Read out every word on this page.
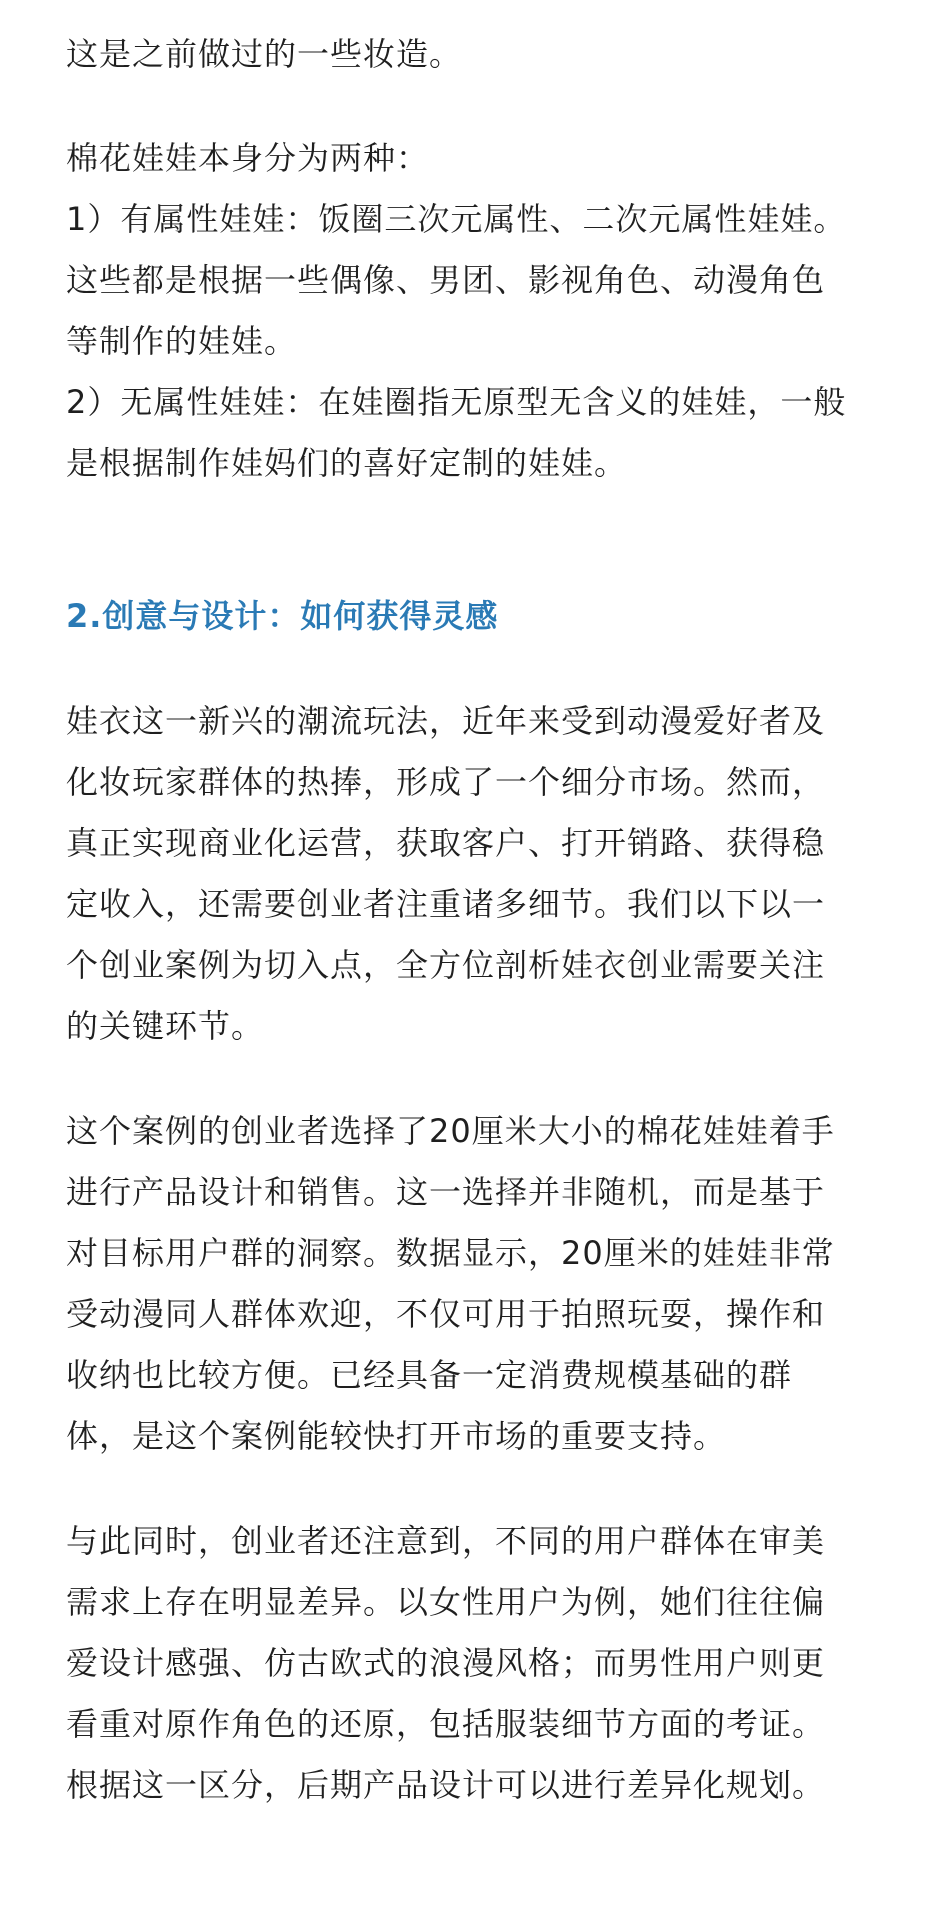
这是之前做过的一些妆造。

棉花娃娃本身分为两种：
1）有属性娃娃：饭圈三次元属性、二次元属性娃娃。
这些都是根据一些偶像、男团、影视角色、动漫角色
等制作的娃娃。
2）无属性娃娃：在娃圈指无原型无含义的娃娃，一般
是根据制作娃妈们的喜好定制的娃娃。

2.创意与设计：如何获得灵感

娃衣这一新兴的潮流玩法，近年来受到动漫爱好者及
化妆玩家群体的热捧，形成了一个细分市场。然而，
真正实现商业化运营，获取客户、打开销路、获得稳
定收入，还需要创业者注重诸多细节。我们以下以一
个创业案例为切入点，全方位剖析娃衣创业需要关注
的关键环节。

这个案例的创业者选择了20厘米大小的棉花娃娃着手
进行产品设计和销售。这一选择并非随机，而是基于
对目标用户群的洞察。数据显示，20厘米的娃娃非常
受动漫同人群体欢迎，不仅可用于拍照玩耍，操作和
收纳也比较方便。已经具备一定消费规模基础的群
体，是这个案例能较快打开市场的重要支持。

与此同时，创业者还注意到，不同的用户群体在审美
需求上存在明显差异。以女性用户为例，她们往往偏
爱设计感强、仿古欧式的浪漫风格；而男性用户则更
看重对原作角色的还原，包括服装细节方面的考证。
根据这一区分，后期产品设计可以进行差异化规划。
